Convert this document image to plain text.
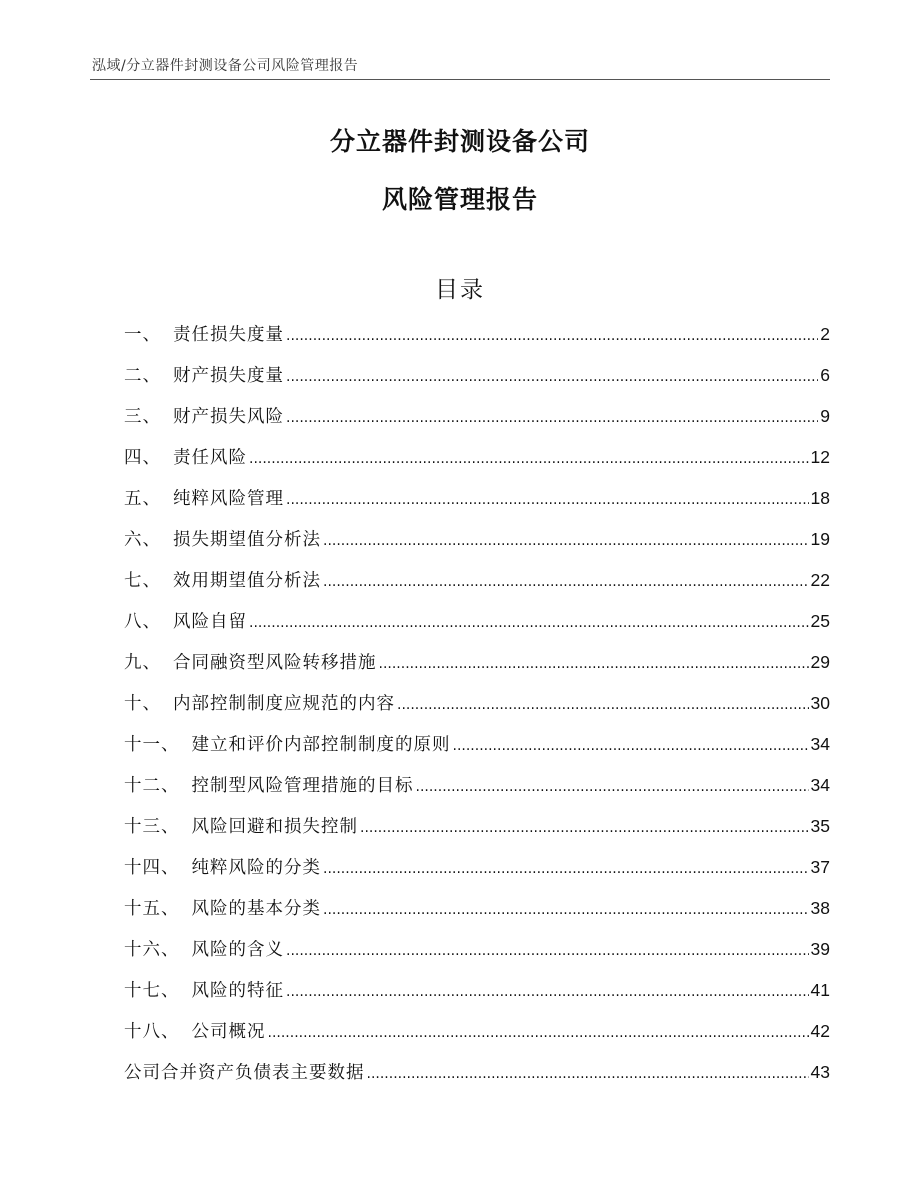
泓域/分立器件封测设备公司风险管理报告
分立器件封测设备公司
风险管理报告
目录
一、 责任损失度量 .....	2
二、 财产损失度量 .....	6
三、 财产损失风险 .....	9
四、 责任风险 .....	12
五、 纯粹风险管理 .....	18
六、 损失期望值分析法 .....	19
七、 效用期望值分析法 .....	22
八、 风险自留 .....	25
九、 合同融资型风险转移措施 .....	29
十、 内部控制制度应规范的内容 .....	30
十一、 建立和评价内部控制制度的原则 .....	34
十二、 控制型风险管理措施的目标 .....	34
十三、 风险回避和损失控制 .....	35
十四、 纯粹风险的分类 .....	37
十五、 风险的基本分类 .....	38
十六、 风险的含义 .....	39
十七、 风险的特征 .....	41
十八、 公司概况 .....	42
公司合并资产负债表主要数据 .....	43
